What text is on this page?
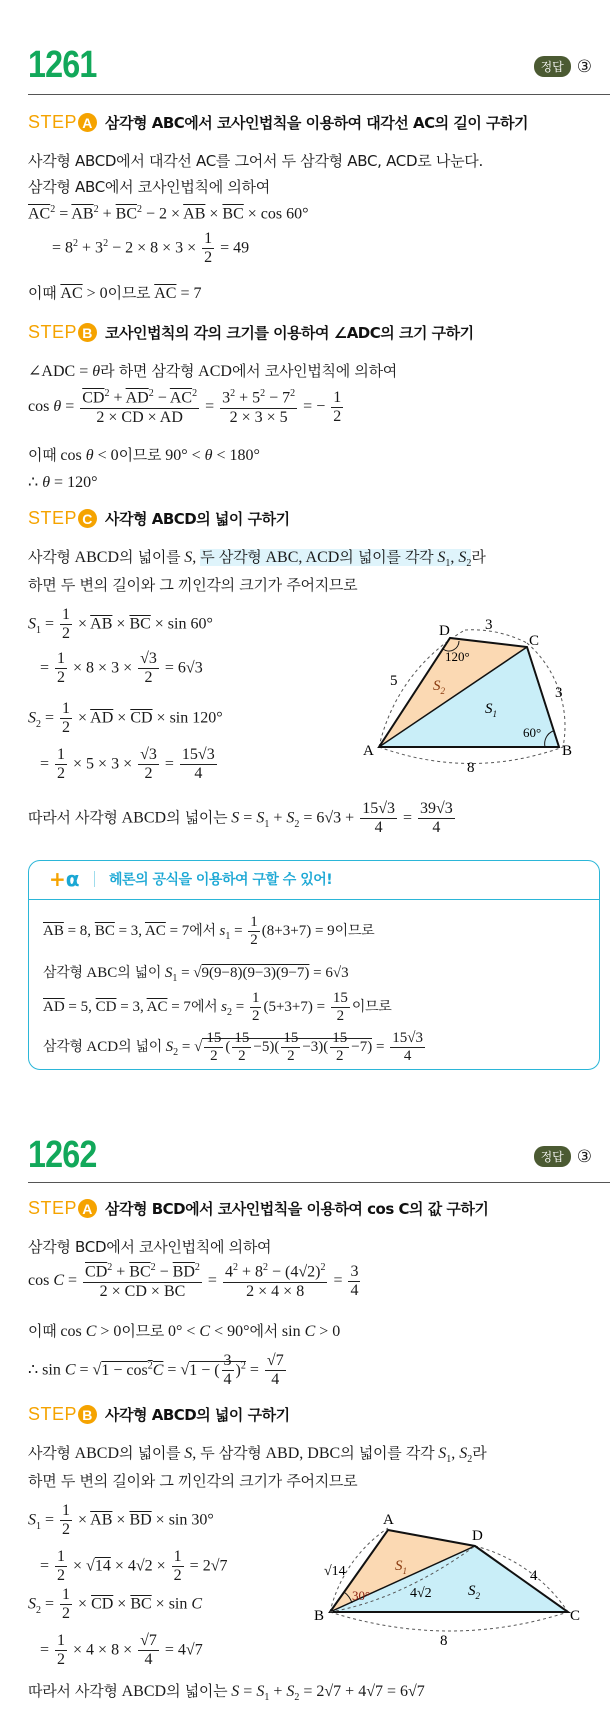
1261	정답 ③
STEP A 삼각형 ABC에서 코사인법칙을 이용하여 대각선 AC의 길이 구하기
사각형 ABCD에서 대각선 AC를 그어서 두 삼각형 ABC, ACD로 나눈다.
삼각형 ABC에서 코사인법칙에 의하여
$\overline{AC}^2 = \overline{AB}^2 + \overline{BC}^2 - 2 \times \overline{AB} \times \overline{BC} \times \cos 60^\circ$
= $8^2 + 3^2 - 2 \times 8 \times 3 \times \frac{1}{2} = 49$
이때 $\overline{AC} > 0$이므로 $\overline{AC} = 7$
STEP B 코사인법칙의 각의 크기를 이용하여 ∠ADC의 크기 구하기
∠ADC = θ라 하면 삼각형 ACD에서 코사인법칙에 의하여
$\cos \theta = \frac{\overline{CD}^2 + \overline{AD}^2 - \overline{AC}^2}{2 \times \overline{CD} \times \overline{AD}} = \frac{3^2 + 5^2 - 7^2}{2 \times 3 \times 5}$ = − $\frac{1}{2}$
이때 cos θ < 0이므로 90° < θ < 180°
∴ θ = 120°
STEP C 사각형 ABCD의 넓이 구하기
사각형 ABCD의 넓이를 S, 두 삼각형 ABC, ACD의 넓이를 각각 $S_1$, $S_2$라
하면 두 변의 길이와 그 끼인각의 크기가 주어지므로
$S_1 = \frac{1}{2} \times \overline{AB} \times \overline{BC} \times \sin 60^\circ$
= $\frac{1}{2} \times 8 \times 3 \times \frac{√3}{2} = 6√3$
$S_2 = \frac{1}{2} \times \overline{AD} \times \overline{CD} \times \sin 120^\circ$
= $\frac{1}{2} \times 5 \times 3 \times \frac{√3}{2} = \frac{15√3}{4}$
따라서 사각형 ABCD의 넓이는 $S = S_1 + S_2 = 6√3 + \frac{15√3}{4} = \frac{39√3}{4}$
A	B
C
D 3
5
3
8
120°
60°
$S_2$
$S_1$
+α 헤론의 공식을 이용하여 구할 수 있어!
$\overline{AB} = 8$, $\overline{BC} = 3$, $\overline{AC} = 7$에서 $s_1 = \frac{1}{2} (8+3+7) = 9$이므로
삼각형 ABC의 넓이 $S_1 = √9(9-8)(9-3)(9-7) = 6√3$
$\overline{AD} = 5$, $\overline{CD} = 3$, $\overline{AC} = 7$에서 $s_2 = \frac{1}{2} (5+3+7) = \frac{15}{2}$ 이므로
삼각형 ACD의 넓이 $S_2$ = √ $\frac{15}{2}$ ( $\frac{15}{2} -5)( \frac{15}{2} -3)( \frac{15}{2} -7) = \frac{15√3}{4}$
1262	정답 ③
STEP A 삼각형 BCD에서 코사인법칙을 이용하여 cos C의 값 구하기
삼각형 BCD에서 코사인법칙에 의하여
$\cos C = \frac{\overline{CD}^2 + \overline{BC}^2 - \overline{BD}^2}{2 \times \overline{CD} \times \overline{BC}} = \frac{4^2 + 8^2 - (4√2)^2}{2 \times 4 \times 8} = \frac{3}{4}$
이때 cos C > 0이므로 0° < C < 90°에서 sin C > 0
∴ $\sin C = √1 - \cos^2C = √1$ − ( $\frac{3}{4} )^2 = \frac{√7}{4}$
STEP B 사각형 ABCD의 넓이 구하기
사각형 ABCD의 넓이를 S, 두 삼각형 ABD, DBC의 넓이를 각각 $S_1$, $S_2$라
하면 두 변의 길이와 그 끼인각의 크기가 주어지므로
$S_1 = \frac{1}{2} \times \overline{AB} \times \overline{BD} \times \sin 30^\circ$
= $\frac{1}{2} \times √14 \times 4√2 \times \frac{1}{2} = 2√7$
$S_2 = \frac{1}{2} \times \overline{CD} \times \overline{BC} \times \sin C$
= $\frac{1}{2} \times 4 \times 8 \times \frac{√7}{4} = 4√7$
따라서 사각형 ABCD의 넓이는 $S = S_1 + S_2 = 2√7 + 4√7 = 6√7$
A
B	C
D
√14	4
8
30°	4√2
$S_1$
$S_2$
